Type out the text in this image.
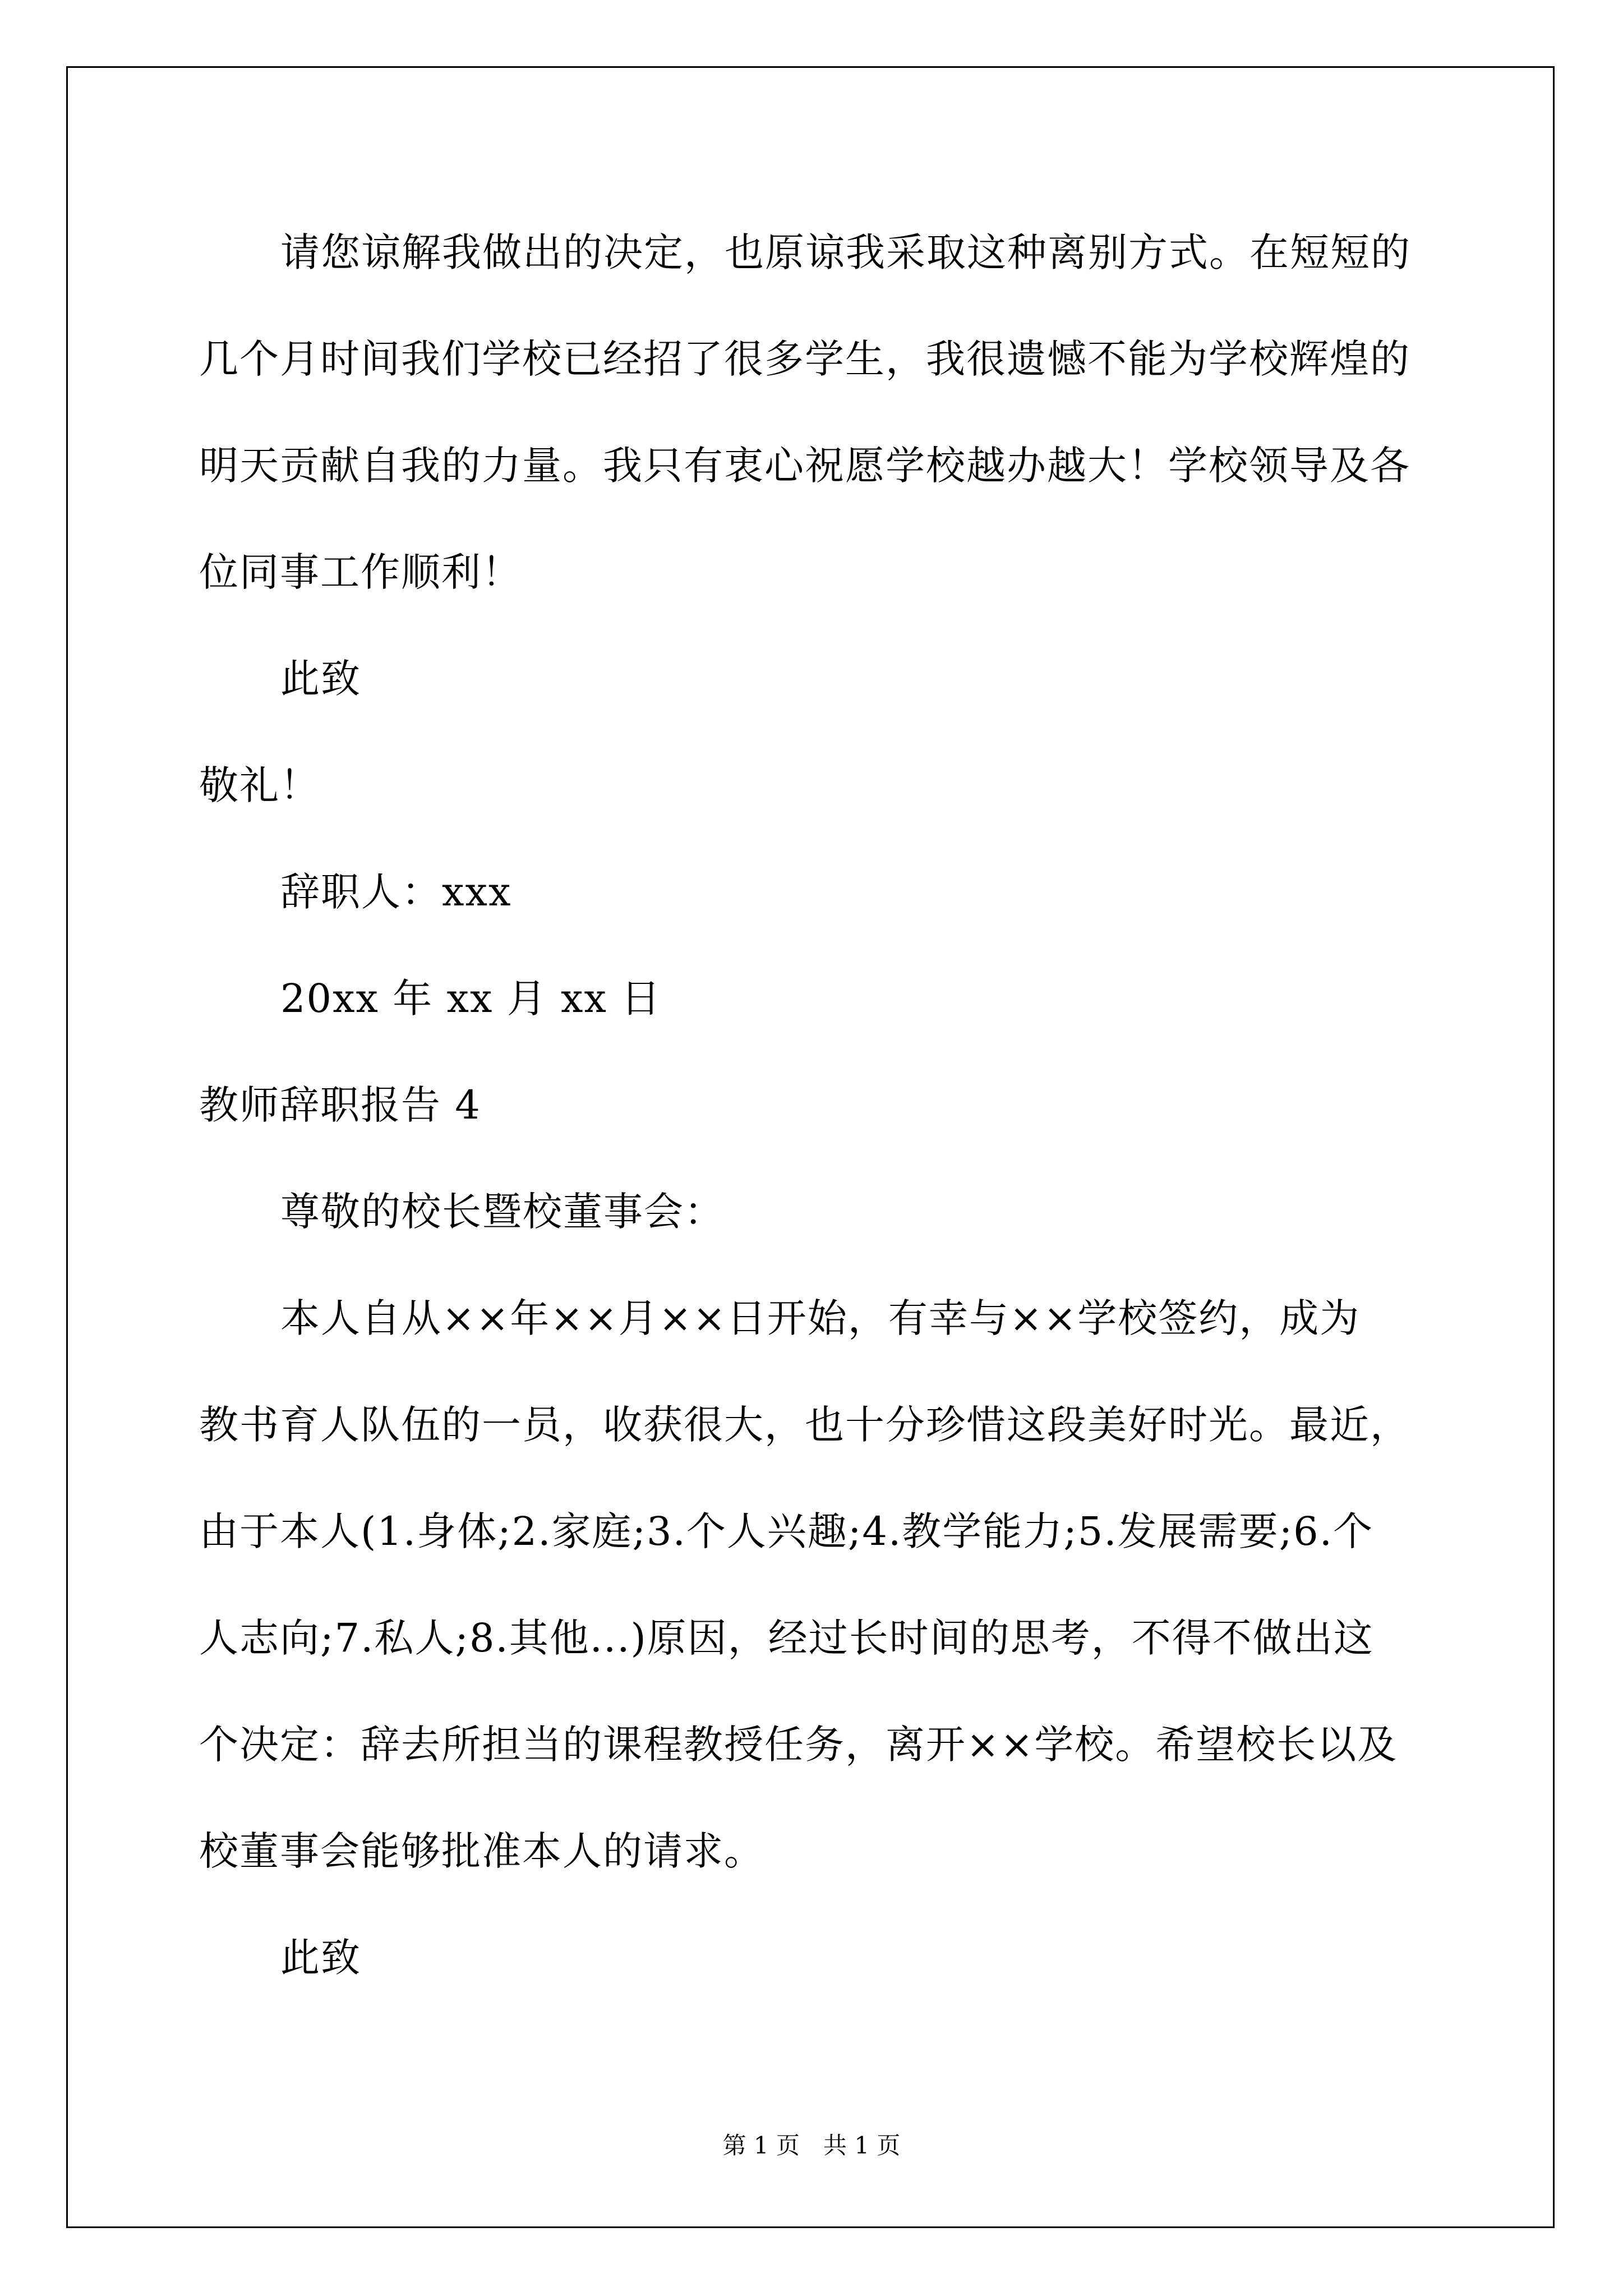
请您谅解我做出的决定，也原谅我采取这种离别方式。在短短的
几个月时间我们学校已经招了很多学生，我很遗憾不能为学校辉煌的
明天贡献自我的力量。我只有衷心祝愿学校越办越大！学校领导及各
位同事工作顺利！
此致
敬礼！
辞职人：xxx
20xx 年 xx 月 xx 日
教师辞职报告 4
尊敬的校长暨校董事会：
本人自从××年××月××日开始，有幸与××学校签约，成为
教书育人队伍的一员，收获很大，也十分珍惜这段美好时光。最近，
由于本人(1.身体;2.家庭;3.个人兴趣;4.教学能力;5.发展需要;6.个
人志向;7.私人;8.其他...)原因，经过长时间的思考，不得不做出这
个决定：辞去所担当的课程教授任务，离开××学校。希望校长以及
校董事会能够批准本人的请求。
此致
第 1 页　共 1 页
